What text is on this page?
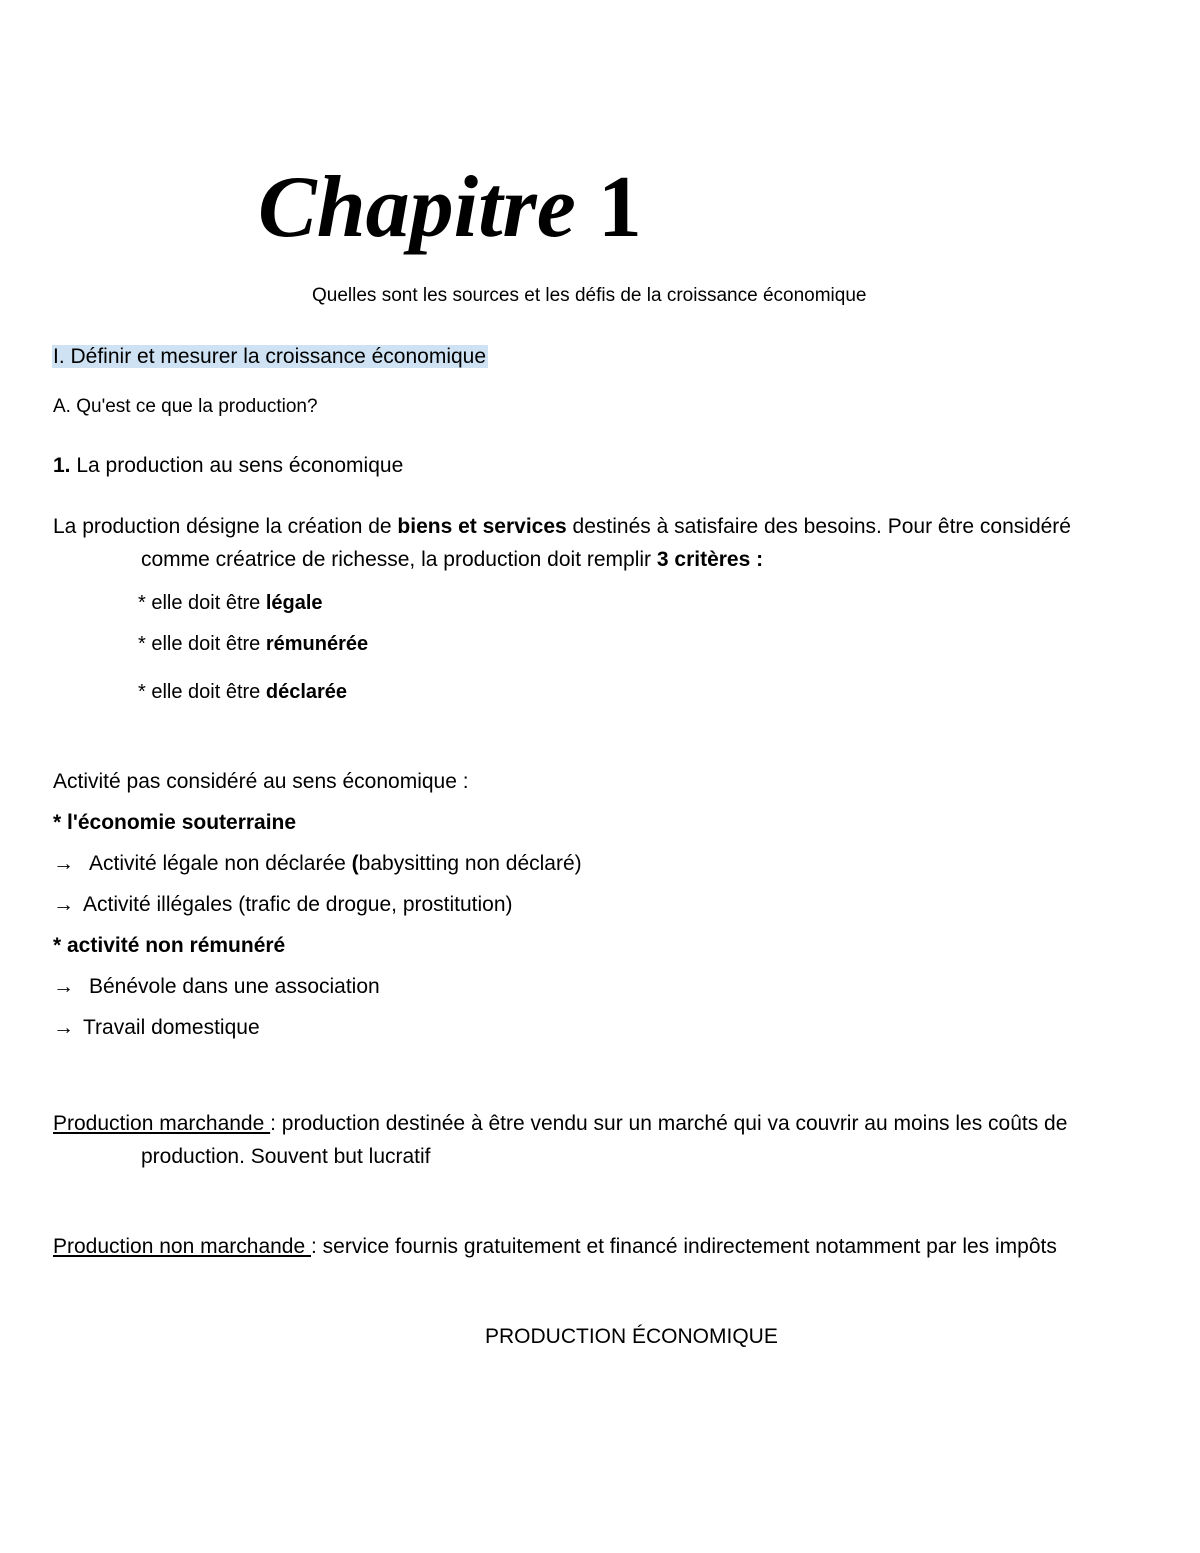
Chapitre 1
Quelles sont les sources et les défis de la croissance économique
I. Définir et mesurer la croissance économique
A. Qu'est ce que la production?
1. La production au sens économique
La production désigne la création de biens et services destinés à satisfaire des besoins. Pour être considéré
comme créatrice de richesse, la production doit remplir 3 critères :
* elle doit être légale
* elle doit être rémunérée
* elle doit être déclarée
Activité pas considéré au sens économique :
* l'économie souterraine
→ Activité légale non déclarée (babysitting non déclaré)
→ Activité illégales (trafic de drogue, prostitution)
* activité non rémunéré
→ Bénévole dans une association
→ Travail domestique
Production marchande : production destinée à être vendu sur un marché qui va couvrir au moins les coûts de
production. Souvent but lucratif
Production non marchande : service fournis gratuitement et financé indirectement notamment par les impôts
PRODUCTION ÉCONOMIQUE
